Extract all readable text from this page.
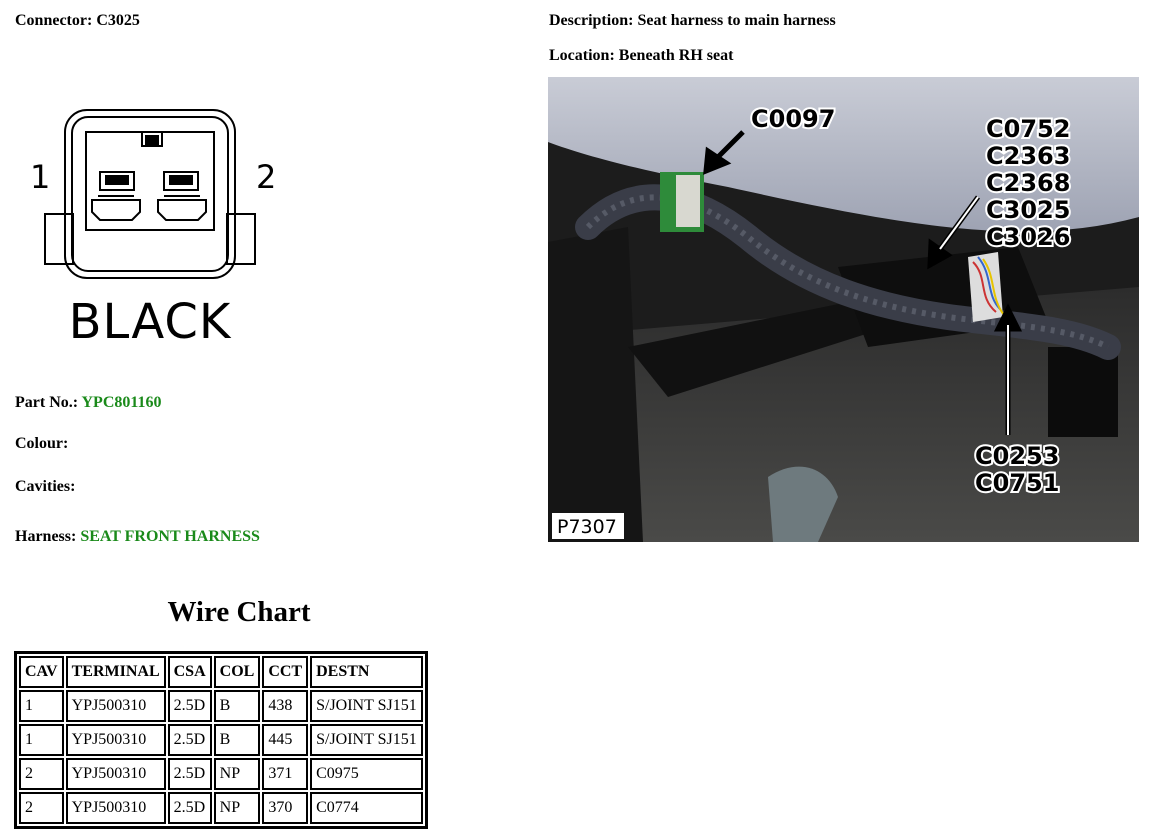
Connector: C3025	Description: Seat harness to main harness
Location: Beneath RH seat
1	2
BLACK
Part No.: YPC801160
Colour:
Cavities:
Harness: SEAT FRONT HARNESS
Wire Chart
CAV	TERMINAL	CSA	COL	CCT	DESTN
1	YPJ500310	2.5D	B	438	S/JOINT SJ151
1	YPJ500310	2.5D	B	445	S/JOINT SJ151
2	YPJ500310	2.5D	NP	371	C0975
2	YPJ500310	2.5D	NP	370	C0774
C0097	C0752
C2363
C2368
C3025
C3026
C0253
C0751
P7307
